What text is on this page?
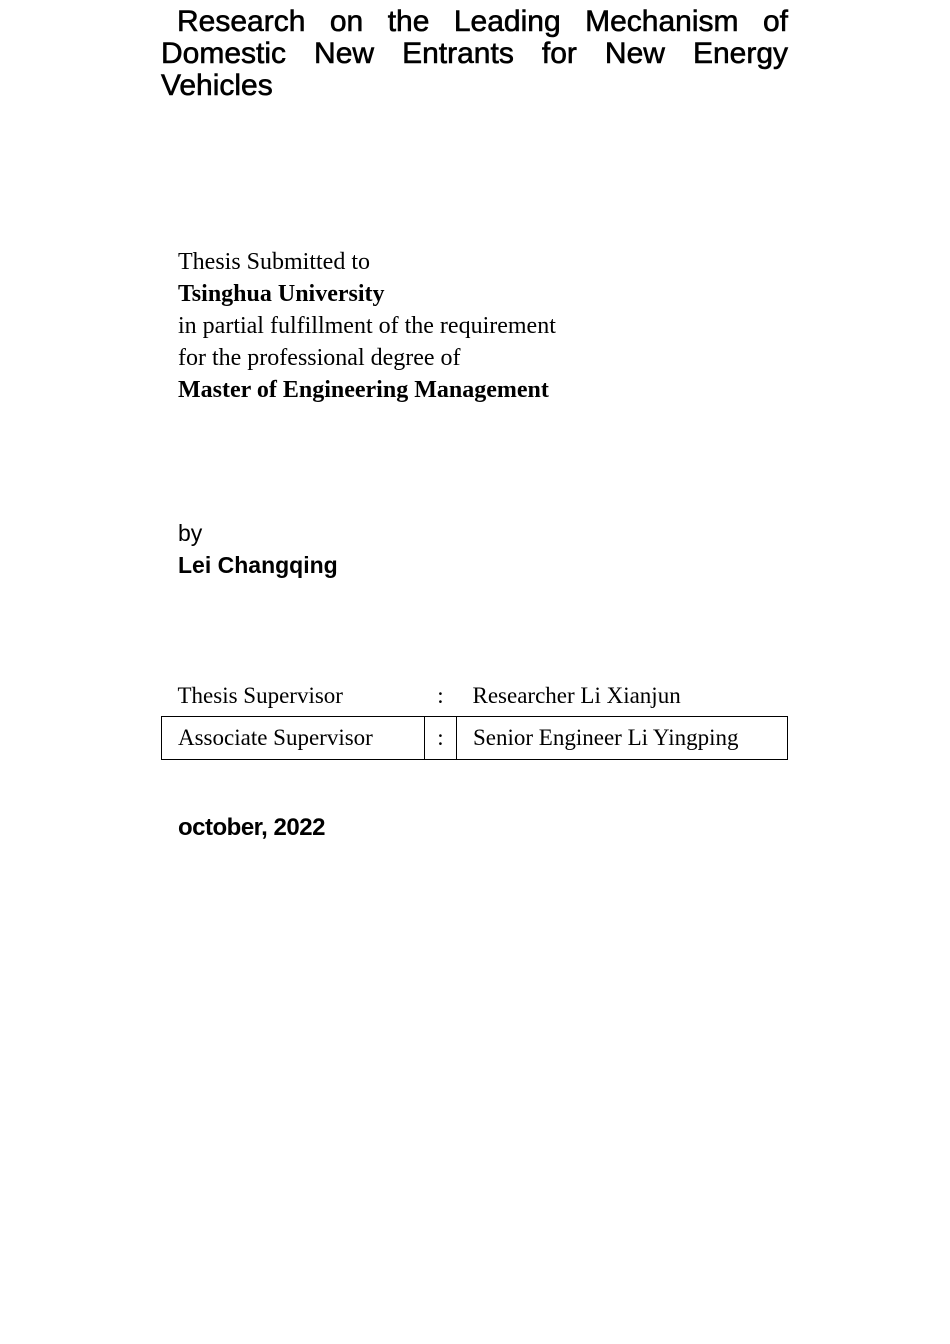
Research on the Leading Mechanism of Domestic New Entrants for New Energy Vehicles
Thesis Submitted to
Tsinghua University
in partial fulfillment of the requirement
for the professional degree of
Master of Engineering Management
by
Lei Changqing
Thesis Supervisor	:	Researcher Li Xianjun
Associate Supervisor	:	Senior Engineer Li Yingping
october, 2022
